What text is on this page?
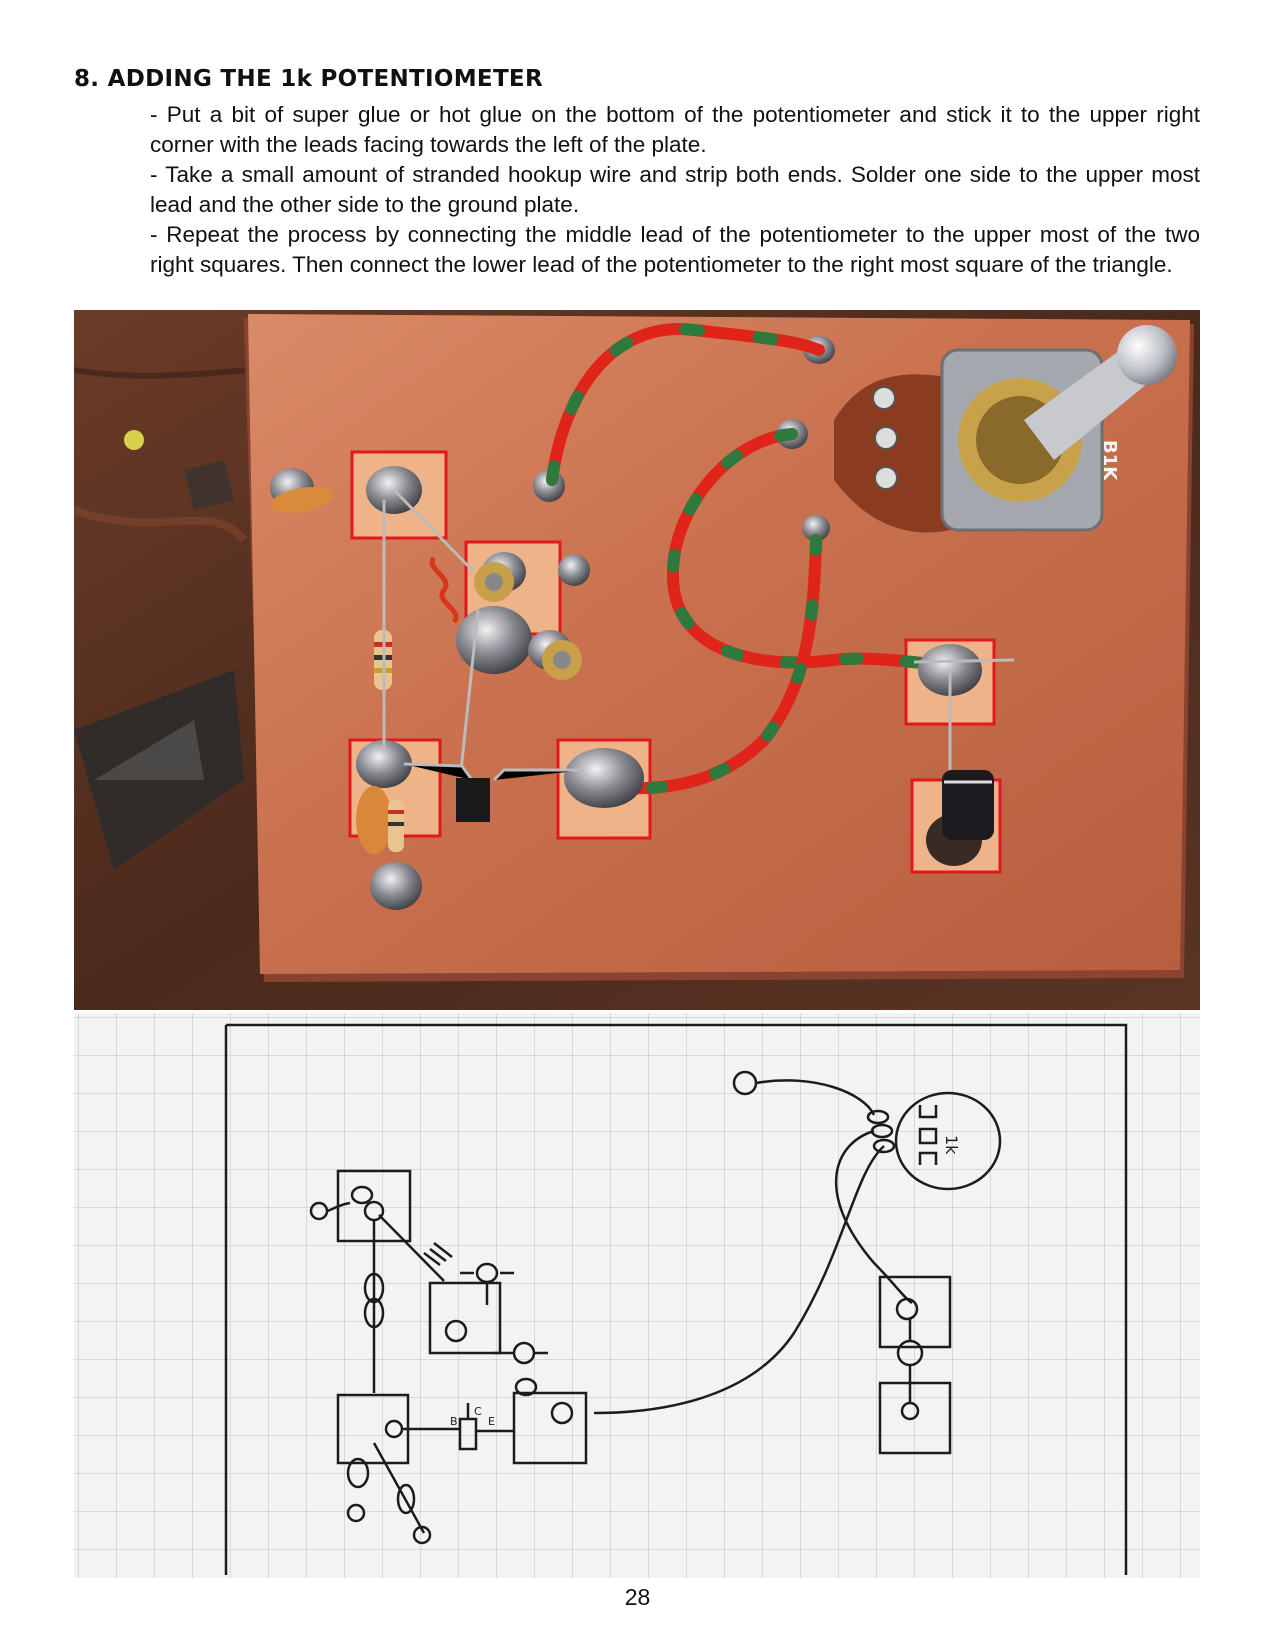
8. ADDING THE 1k POTENTIOMETER

- Put a bit of super glue or hot glue on the bottom of the potentiometer and stick it to the upper right corner with the leads facing towards the left of the plate.

- Take a small amount of stranded hookup wire and strip both ends. Solder one side to the upper most lead and the other side to the ground plate.

- Repeat the process by connecting the middle lead of the potentiometer to the upper most of the two right squares. Then connect the lower lead of the potentiometer to the right most square of the triangle.

B1K
1k
B
C
E
28
